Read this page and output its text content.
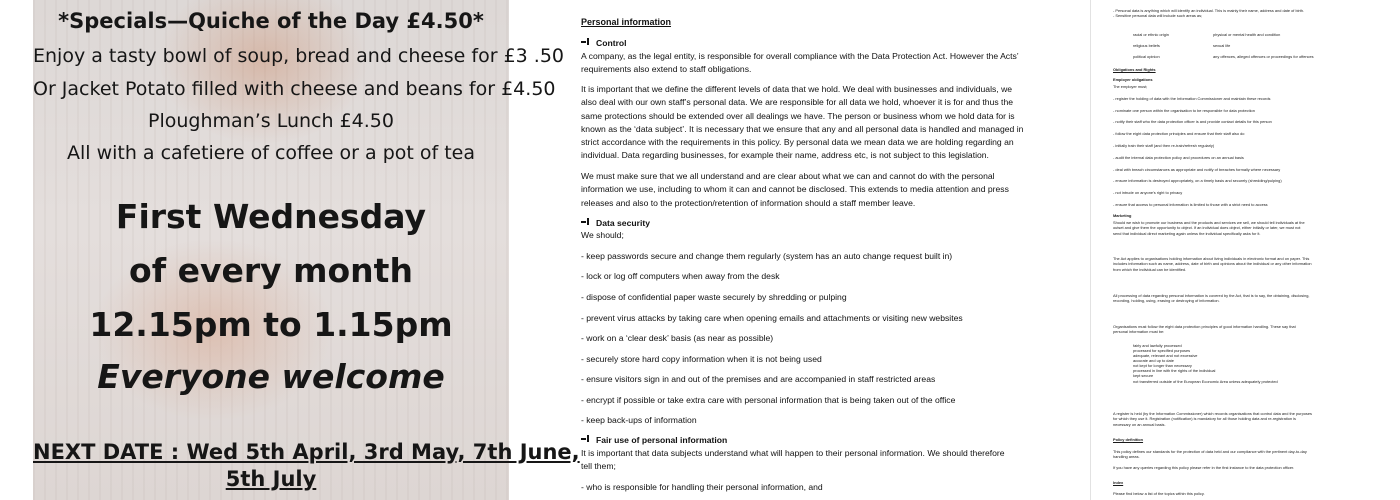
*Specials—Quiche of the Day £4.50*
Enjoy a tasty bowl of soup, bread and cheese for £3 .50
Or Jacket Potato filled with cheese and beans for £4.50
Ploughman’s Lunch £4.50
All with a cafetiere of coffee or a pot of tea
First Wednesday
of every month
12.15pm to 1.15pm
Everyone welcome
NEXT DATE : Wed 5th April, 3rd May, 7th June,
5th July
Personal information
Control

A company, as the legal entity, is responsible for overall compliance with the Data Protection Act. However the Acts’

requirements also extend to staff obligations.

It is important that we define the different levels of data that we hold. We deal with businesses and individuals, we

also deal with our own staff’s personal data. We are responsible for all data we hold, whoever it is for and thus the

same protections should be extended over all dealings we have. The person or business whom we hold data for is

known as the ‘data subject’. It is necessary that we ensure that any and all personal data is handled and managed in

strict accordance with the requirements in this policy. By personal data we mean data we are holding regarding an

individual. Data regarding businesses, for example their name, address etc, is not subject to this legislation.

We must make sure that we all understand and are clear about what we can and cannot do with the personal

information we use, including to whom it can and cannot be disclosed. This extends to media attention and press

releases and also to the protection/retention of information should a staff member leave.

Data security
We should;
- keep passwords secure and change them regularly (system has an auto change request built in)
- lock or log off computers when away from the desk
- dispose of confidential paper waste securely by shredding or pulping
- prevent virus attacks by taking care when opening emails and attachments or visiting new websites
- work on a ‘clear desk’ basis (as near as possible)
- securely store hard copy information when it is not being used
- ensure visitors sign in and out of the premises and are accompanied in staff restricted areas
- encrypt if possible or take extra care with personal information that is being taken out of the office
- keep back-ups of information
Fair use of personal information

It is important that data subjects understand what will happen to their personal information. We should therefore

tell them;

- who is responsible for handling their personal information, and

- Personal data is anything which will identify an individual. This is mainly their name, address and date of birth.

- Sensitive personal data will include such areas as;

racial or ethnic origin
religious beliefs
political opinion
physical or mental health and condition
sexual life
any offences, alleged offences or proceedings for offences
Obligations and Rights
Employer obligations
The employer must;
- register the holding of data with the Information Commissioner and maintain these records
- nominate one person within the organisation to be responsible for data protection
- notify their staff who the data protection officer is and provide contact details for this person
- follow the eight data protection principles and ensure that their staff also do
- initially train their staff (and then re-train/refresh regularly)
- audit the internal data protection policy and procedures on an annual basis
- deal with breach circumstances as appropriate and notify of breaches formally where necessary
- ensure information is destroyed appropriately, on a timely basis and securely (shredding/pulping)
- not intrude on anyone’s right to privacy
- ensure that access to personal information is limited to those with a strict need to access
Marketing

Should we wish to promote our business and the products and services we sell, we should tell individuals at the

outset and give them the opportunity to object. If an individual does object, either initially or later, we must not

send that individual direct marketing again unless the individual specifically asks for it.

The Act applies to organisations holding information about living individuals in electronic format and on paper. This

includes information such as name, address, date of birth and opinions about the individual or any other information

from which the individual can be identified.

All processing of data regarding personal information is covered by the Act, that is to say, the obtaining, disclosing,

recording, holding, using, erasing or destroying of information.

Organisations must follow the eight data protection principles of good information handling. These say that

personal information must be:

fairly and lawfully processed
processed for specified purposes
adequate, relevant and not excessive
accurate and up to date
not kept for longer than necessary
processed in line with the rights of the individual
kept secure
not transferred outside of the European Economic Area unless adequately protected

A register is held (by the Information Commissioner) which records organisations that control data and the purposes

for which they use it. Registration (notification) is mandatory for all those holding data and re-registration is

necessary on an annual basis.

Policy definition

This policy defines our standards for the protection of data held and our compliance with the pertinent day-to-day

handling areas.

If you have any queries regarding this policy please refer in the first instance to the data protection officer.

Index
Please find below a list of the topics within this policy.
